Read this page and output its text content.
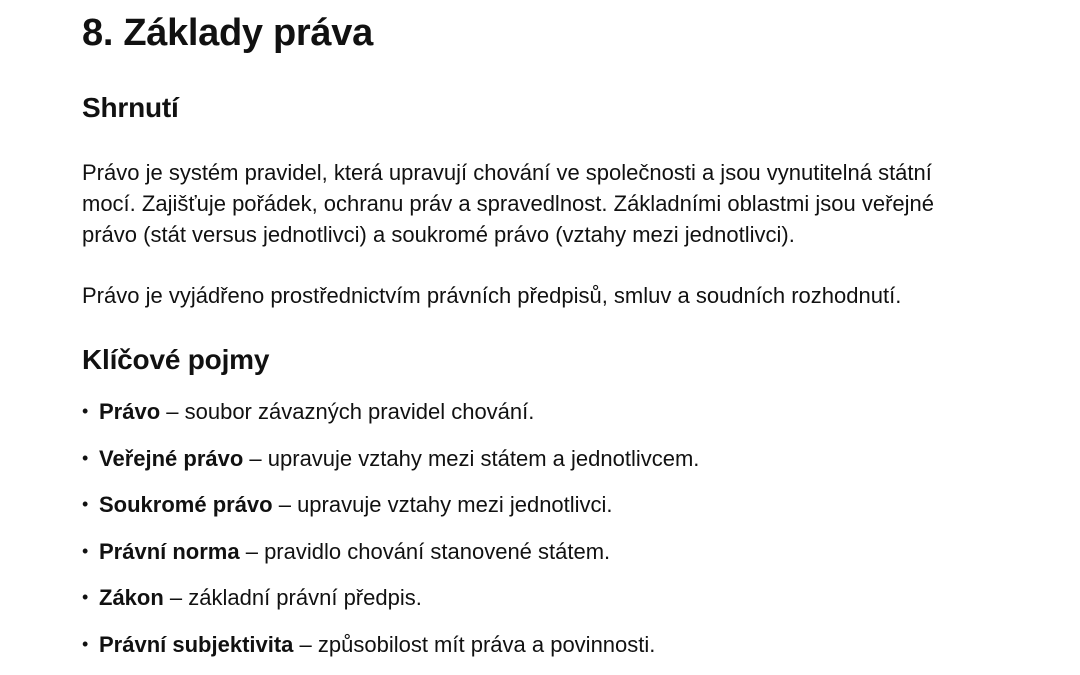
8. Základy práva
Shrnutí

Právo je systém pravidel, která upravují chování ve společnosti a jsou vynutitelná státní mocí. Zajišťuje pořádek, ochranu práv a spravedlnost. Základními oblastmi jsou veřejné právo (stát versus jednotlivci) a soukromé právo (vztahy mezi jednotlivci).

Právo je vyjádřeno prostřednictvím právních předpisů, smluv a soudních rozhodnutí.

Klíčové pojmy
• Právo – soubor závazných pravidel chování.
• Veřejné právo – upravuje vztahy mezi státem a jednotlivcem.
• Soukromé právo – upravuje vztahy mezi jednotlivci.
• Právní norma – pravidlo chování stanovené státem.
• Zákon – základní právní předpis.
• Právní subjektivita – způsobilost mít práva a povinnosti.
